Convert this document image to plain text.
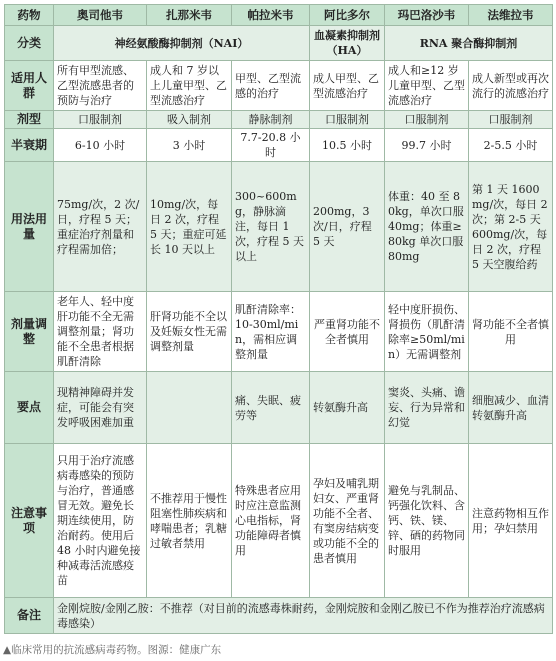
药物	奥司他韦	扎那米韦	帕拉米韦	阿比多尔	玛巴洛沙韦	法维拉韦
分类	神经氨酸酶抑制剂（NAI）			血凝素抑制剂（HA）	RNA 聚合酶抑制剂	
适用人群	所有甲型流感、乙型流感患者的预防与治疗	成人和 7 岁以上儿童甲型、乙型流感治疗	甲型、乙型流感的治疗	成人甲型、乙型流感治疗	成人和≥12 岁儿童甲型、乙型流感治疗	成人新型或再次流行的流感治疗
剂型	口服制剂	吸入制剂	静脉制剂	口服制剂	口服制剂	口服制剂
半衰期	6-10 小时	3 小时	7.7-20.8 小时	10.5 小时	99.7 小时	2-5.5 小时
用法用量	75mg/次，2 次/日，疗程 5 天；重症治疗剂量和疗程需加倍；	10mg/次，每日 2 次，疗程 5 天；重症可延长 10 天以上	300~600mg，静脉滴注，每日 1 次，疗程 5 天以上	200mg，3 次/日，疗程 5 天	体重：40 至 80kg，单次口服 40mg；体重≥80kg 单次口服 80mg	第 1 天 1600mg/次，每日 2 次；第 2-5 天 600mg/次，每日 2 次，疗程 5 天空腹给药
剂量调整	老年人、轻中度肝功能不全无需调整剂量；肾功能不全患者根据肌酐清除	肝肾功能不全以及妊娠女性无需调整剂量	肌酐清除率：10-30ml/min，需相应调整剂量	严重肾功能不全者慎用	轻中度肝损伤、肾损伤（肌酐清除率≥50ml/min）无需调整剂	肾功能不全者慎用
要点	现精神障碍并发症，可能会有突发呼吸困难加重		痛、失眠、疲劳等	转氨酶升高	窦炎、头痛、谵妄、行为异常和幻觉	细胞减少、血清转氨酶升高
注意事项	只用于治疗流感病毒感染的预防与治疗，普通感冒无效。避免长期连续使用，防治耐药。使用后 48 小时内避免接种减毒活流感疫苗	不推荐用于慢性阻塞性肺疾病和哮喘患者；乳糖过敏者禁用	特殊患者应用时应注意监测心电指标，肾功能障碍者慎用	孕妇及哺乳期妇女、严重肾功能不全者、有窦房结病变或功能不全的患者慎用	避免与乳制品、钙强化饮料、含钙、铁、镁、锌、硒的药物同时服用	注意药物相互作用；孕妇禁用
备注	金刚烷胺/金刚乙胺：不推荐（对目前的流感毒株耐药，金刚烷胺和金刚乙胺已不作为推荐治疗流感病毒感染）					
▲临床常用的抗流感病毒药物。图源：健康广东
